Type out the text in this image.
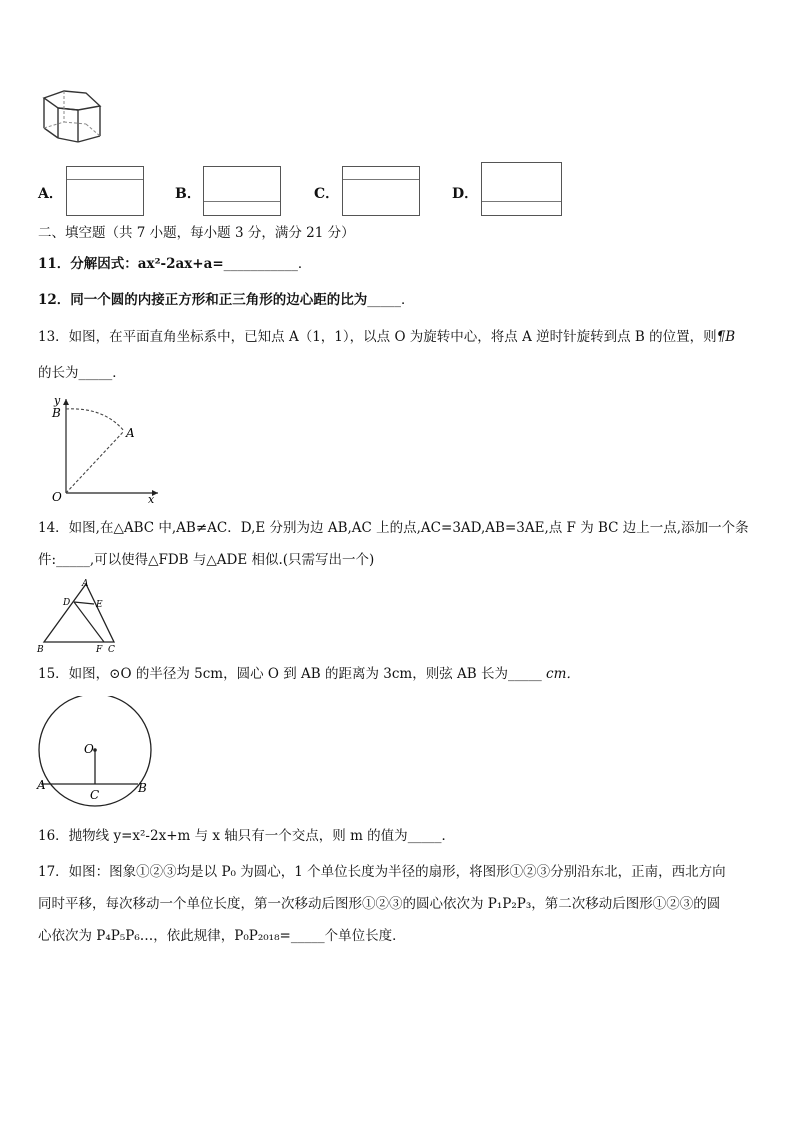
A．	B．	C．	D．
二、填空题（共 7 小题，每小题 3 分，满分 21 分）
11．分解因式：ax²-2ax+a=___________．
12．同一个圆的内接正方形和正三角形的边心距的比为_____．
13．如图，在平面直角坐标系中，已知点 A（1，1），以点 O 为旋转中心，将点 A 逆时针旋转到点 B 的位置，则¶B
的长为_____．
y
B
A
O	x
14．如图,在△ABC 中,AB≠AC．D,E 分别为边 AB,AC 上的点,AC=3AD,AB=3AE,点 F 为 BC 边上一点,添加一个条
件:_____,可以使得△FDB 与△ADE 相似.(只需写出一个)
A
D	E
B	F C
15．如图，⊙O 的半径为 5cm，圆心 O 到 AB 的距离为 3cm，则弦 AB 长为_____ cm．
O
A	B
C
16．抛物线 y=x²-2x+m 与 x 轴只有一个交点，则 m 的值为_____．
17．如图：图象①②③均是以 P₀ 为圆心，1 个单位长度为半径的扇形，将图形①②③分别沿东北，正南，西北方向
同时平移，每次移动一个单位长度，第一次移动后图形①②③的圆心依次为 P₁P₂P₃，第二次移动后图形①②③的圆
心依次为 P₄P₅P₆…，依此规律，P₀P₂₀₁₈=_____个单位长度．
